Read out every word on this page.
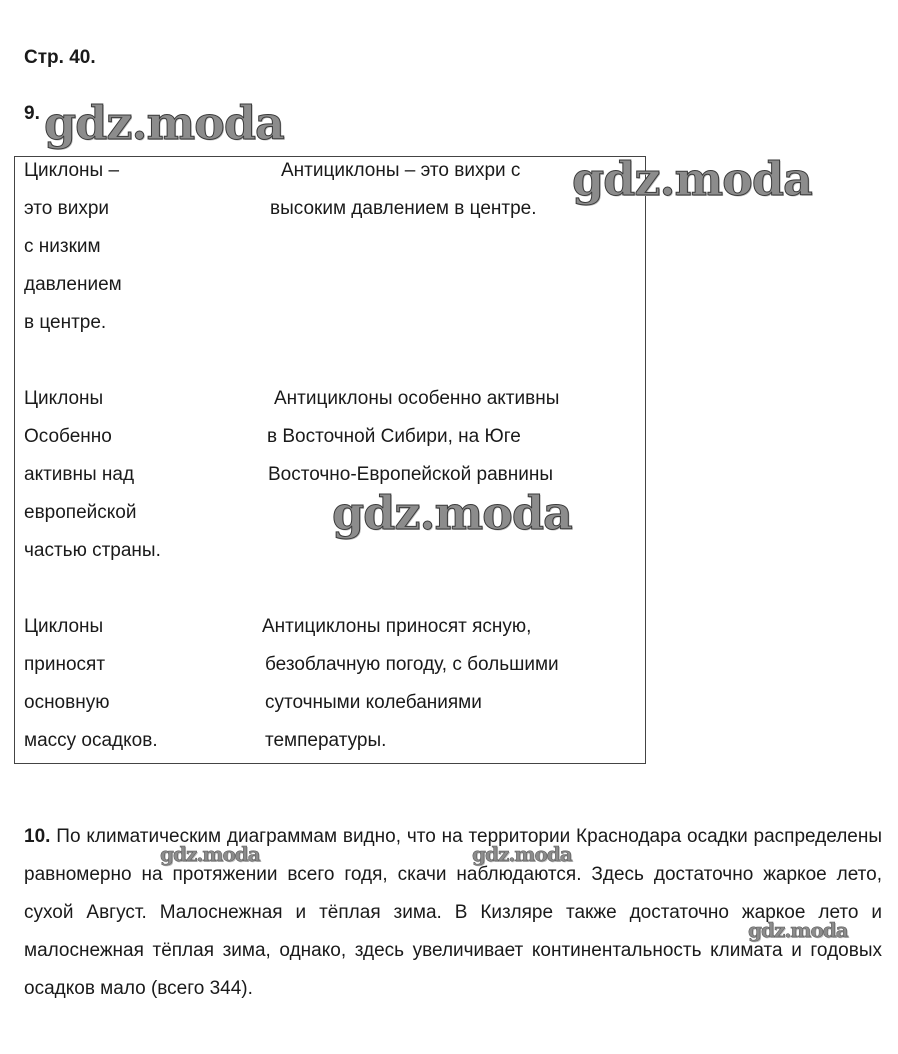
Стр. 40.
9.
Циклоны –
это вихри
с низким
давлением
в центре.
Антициклоны – это вихри с
высоким давлением в центре.
Циклоны
Особенно
активны над
европейской
частью страны.
Антициклоны особенно активны
в Восточной Сибири, на Юге
Восточно-Европейской равнины
Циклоны
приносят
основную
массу осадков.
Антициклоны приносят ясную,
безоблачную погоду, с большими
суточными колебаниями
температуры.
10. По климатическим диаграммам видно, что на территории Краснодара осадки распределены равномерно на протяжении всего годя, скачи наблюдаются. Здесь достаточно жаркое лето, сухой Август. Малоснежная и тёплая зима. В Кизляре также достаточно жаркое лето и малоснежная тёплая зима, однако, здесь увеличивает континентальность климата и годовых осадков мало (всего 344).
gdz.moda
gdz.moda
gdz.moda
gdz.moda	gdz.moda
gdz.moda
